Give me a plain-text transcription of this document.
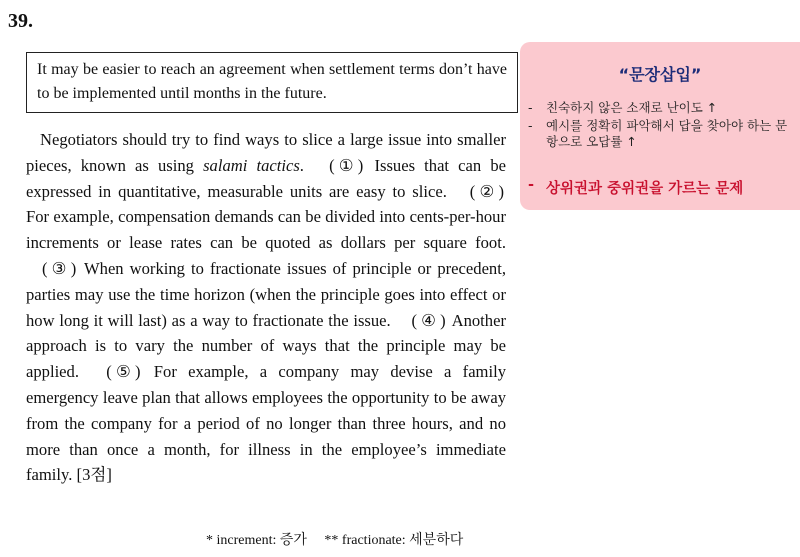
39.

It may be easier to reach an agreement when settlement terms don’t have to be implemented until months in the future.

Negotiators should try to find ways to slice a large issue into smaller pieces, known as using salami tactics. ( ① ) Issues that can be expressed in quantitative, measurable units are easy to slice. ( ② ) For example, compensation demands can be divided into cents-per-hour increments or lease rates can be quoted as dollars per square foot. ( ③ ) When working to fractionate issues of principle or precedent, parties may use the time horizon (when the principle goes into effect or how long it will last) as a way to fractionate the issue. ( ④ ) Another approach is to vary the number of ways that the principle may be applied. ( ⑤ ) For example, a company may devise a family emergency leave plan that allows employees the opportunity to be away from the company for a period of no longer than three hours, and no more than once a month, for illness in the employee’s immediate family. [3점]

* increment: 증가 ** fractionate: 세분하다
“문장삽입”
-	친숙하지 않은 소재로 난이도 ↑
-	예시를 정확히 파악해서 답을 찾아야 하는 문항으로 오답률 ↑
- 상위권과 중위권을 가르는 문제
